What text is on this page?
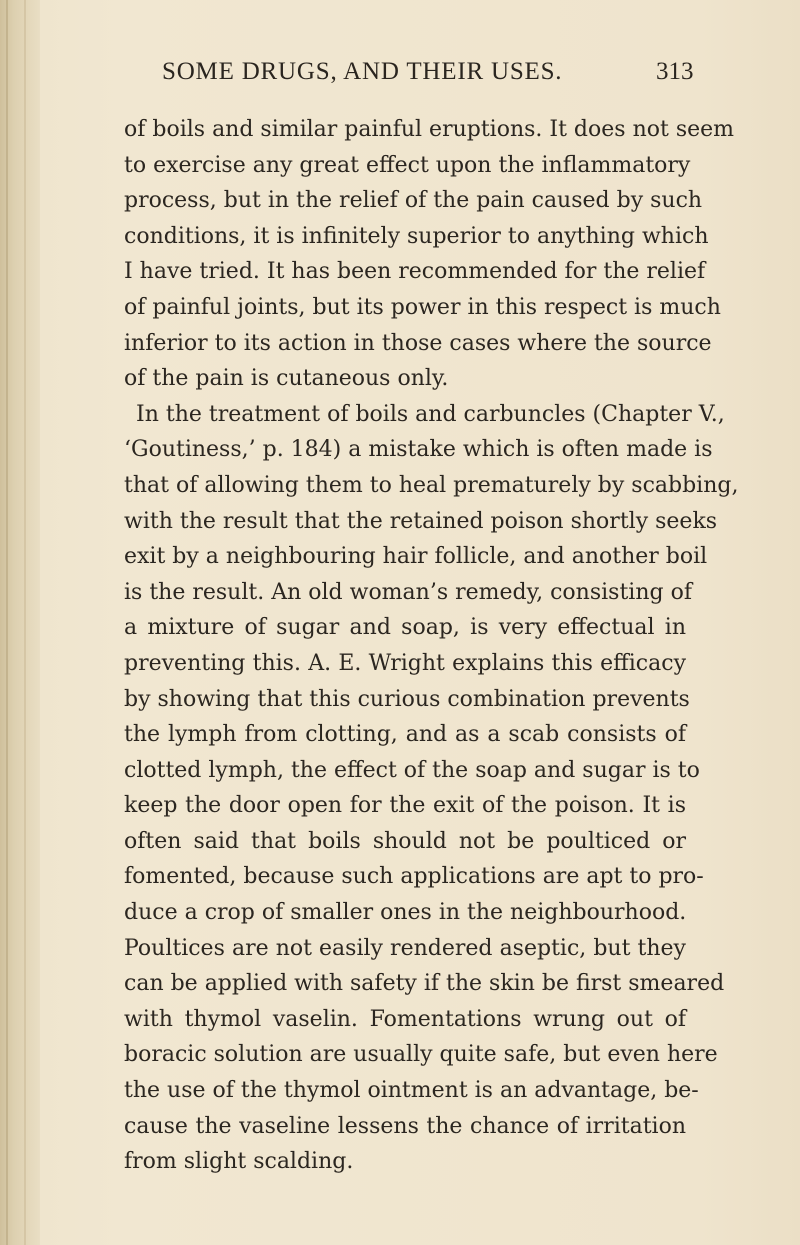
SOME DRUGS, AND THEIR USES.	313
of boils and similar painful eruptions. It does not seem
to exercise any great effect upon the inflammatory
process, but in the relief of the pain caused by such
conditions, it is infinitely superior to anything which
I have tried. It has been recommended for the relief
of painful joints, but its power in this respect is much
inferior to its action in those cases where the source
of the pain is cutaneous only.
In the treatment of boils and carbuncles (Chapter V.,
‘Goutiness,’ p. 184) a mistake which is often made is
that of allowing them to heal prematurely by scabbing,
with the result that the retained poison shortly seeks
exit by a neighbouring hair follicle, and another boil
is the result. An old woman’s remedy, consisting of
a mixture of sugar and soap, is very effectual in
preventing this. A. E. Wright explains this efficacy
by showing that this curious combination prevents
the lymph from clotting, and as a scab consists of
clotted lymph, the effect of the soap and sugar is to
keep the door open for the exit of the poison. It is
often said that boils should not be poulticed or
fomented, because such applications are apt to pro-
duce a crop of smaller ones in the neighbourhood.
Poultices are not easily rendered aseptic, but they
can be applied with safety if the skin be first smeared
with thymol vaselin. Fomentations wrung out of
boracic solution are usually quite safe, but even here
the use of the thymol ointment is an advantage, be-
cause the vaseline lessens the chance of irritation
from slight scalding.
